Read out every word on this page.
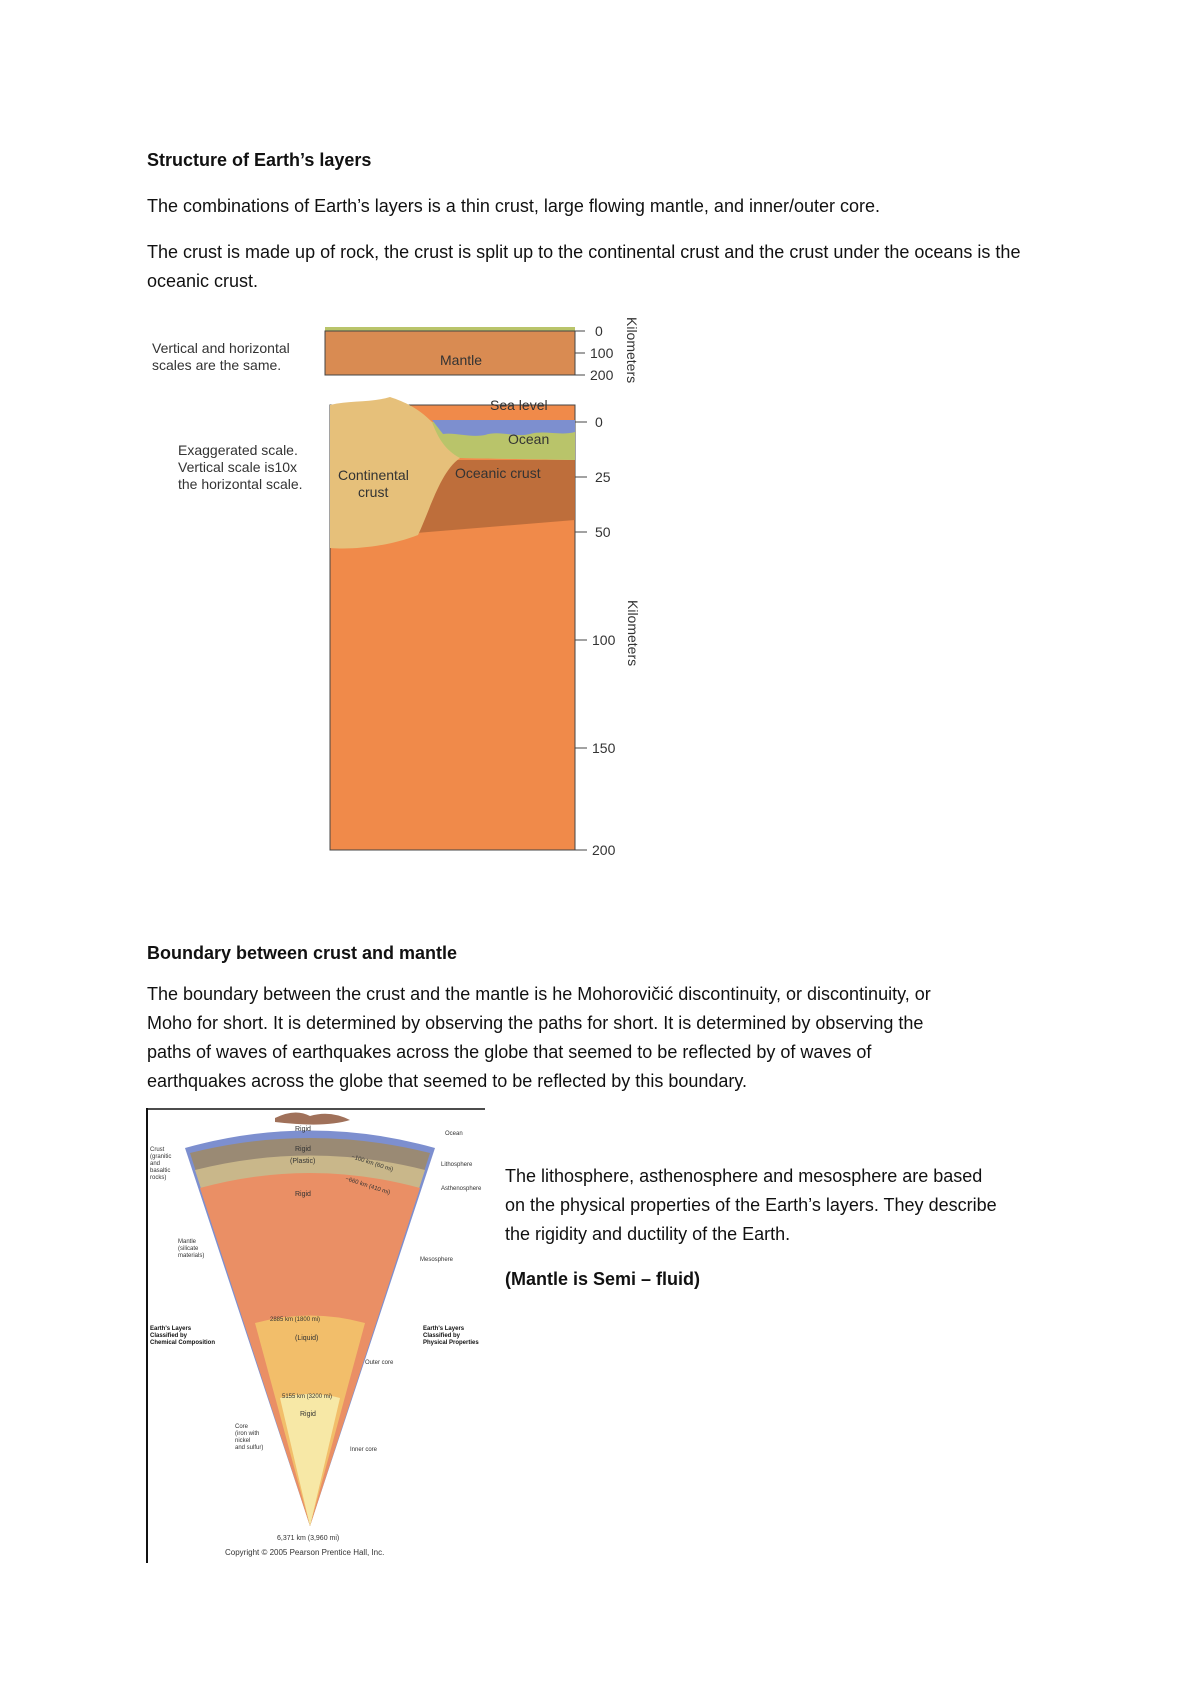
Structure of Earth’s layers

The combinations of Earth’s layers is a thin crust, large flowing mantle, and inner/outer core.

The crust is made up of rock, the crust is split up to the continental crust and the crust under the oceans is the oceanic crust.

Vertical and horizontal
scales are the same.	Mantle
0
100
200 Kilometers
Sea level
Ocean
Oceanic crust
Continental
crust
Exaggerated scale.
Vertical scale is10x
the horizontal scale.
0
25
50
100
150
200
Kilometers
Boundary between crust and mantle

The boundary between the crust and the mantle is he Mohorovičić discontinuity, or discontinuity, or

Moho for short. It is determined by observing the paths for short. It is determined by observing the

paths of waves of earthquakes across the globe that seemed to be reflected by of waves of

earthquakes across the globe that seemed to be reflected by this boundary.

Rigid
Rigid
(Plastic)	~100 km (60 mi)
~660 km (410 mi)
Rigid
2885 km (1800 mi)
(Liquid)
5155 km (3200 mi)
Rigid
6,371 km (3,960 mi)
Copyright © 2005 Pearson Prentice Hall, Inc.
Crust
(granitic
and
basaltic
rocks)
Mantle
(silicate
materials)
Earth's Layers
Classified by
Chemical Composition
Core
(iron with
nickel
and sulfur)
Ocean
Lithosphere
Asthenosphere
Mesosphere
Outer core
Inner core
Earth's Layers
Classified by
Physical Properties

The lithosphere, asthenosphere and mesosphere are based

on the physical properties of the Earth’s layers. They describe

the rigidity and ductility of the Earth.

(Mantle is Semi – fluid)
